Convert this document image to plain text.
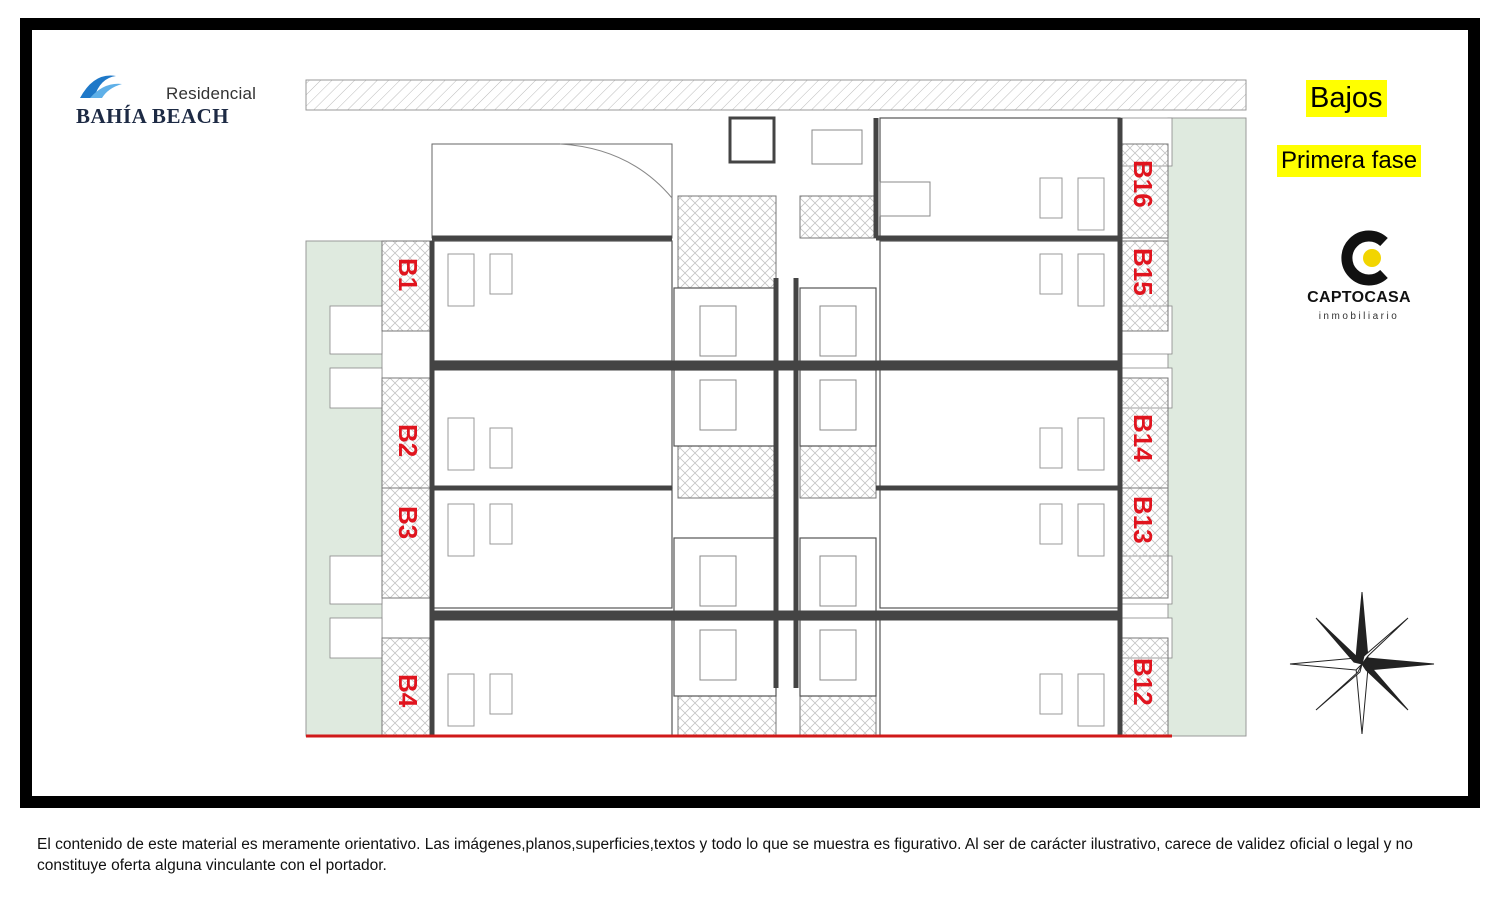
Residencial
BAHÍA BEACH
Bajos
Primera fase
CAPTOCASA
inmobiliario
B1
B2
B3
B4
B16
B15
B14
B13
B12
El contenido de este material es meramente orientativo. Las imágenes,planos,superficies,textos y todo lo que se muestra es figurativo. Al ser de carácter ilustrativo, carece de validez oficial o legal y no constituye oferta alguna vinculante con el portador.
